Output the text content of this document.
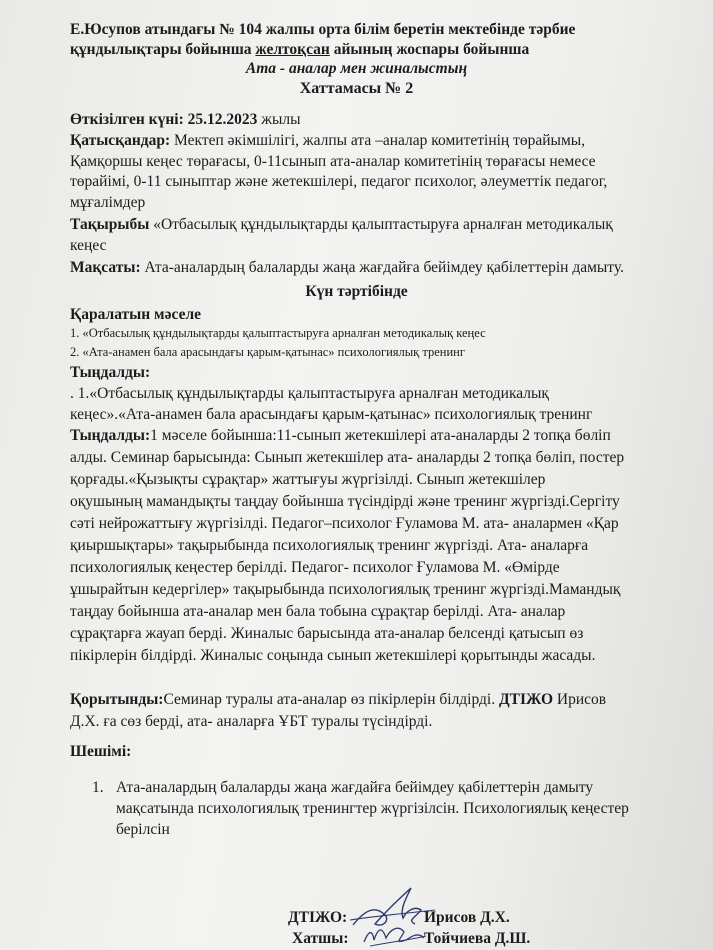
Е.Юсупов атындағы № 104 жалпы орта білім беретін мектебінде тәрбие
құндылықтары бойынша желтоқсан айының жоспары бойынша
Ата - аналар мен жиналыстың
Хаттамасы № 2
Өткізілген күні: 25.12.2023 жылы
Қатысқандар: Мектеп әкімшілігі, жалпы ата –аналар комитетінің төрайымы,
Қамқоршы кеңес төрағасы, 0-11сынып ата-аналар комитетінің төрағасы немесе
төрайімі, 0-11 сыныптар және жетекшілері, педагог психолог, әлеуметтік педагог,
мұғалімдер
Тақырыбы «Отбасылық құндылықтарды қалыптастыруға арналған методикалық
кеңес
Мақсаты: Ата-аналардың балаларды жаңа жағдайға бейімдеу қабілеттерін дамыту.
Күн тәртібінде
Қаралатын мәселе
1. «Отбасылық құндылықтарды қалыптастыруға арналған методикалық кеңес
2. «Ата-анамен бала арасындағы қарым-қатынас» психологиялық тренинг
Тыңдалды:
. 1.«Отбасылық құндылықтарды қалыптастыруға арналған методикалық
кеңес».«Ата-анамен бала арасындағы қарым-қатынас» психологиялық тренинг
Тыңдалды:1 мәселе бойынша:11-сынып жетекшілері ата-аналарды 2 топқа бөліп
алды. Семинар барысында: Сынып жетекшілер ата- аналарды 2 топқа бөліп, постер
қорғады.«Қызықты сұрақтар» жаттығуы жүргізілді. Сынып жетекшілер
оқушының мамандықты таңдау бойынша түсіндірді және тренинг жүргізді.Сергіту
сәті нейрожаттығу жүргізілді. Педагог–психолог Ғуламова М. ата- аналармен «Қар
қиыршықтары» тақырыбында психологиялық тренинг жүргізді. Ата- аналарға
психологиялық кеңестер берілді. Педагог- психолог Ғуламова М. «Өмірде
ұшырайтын кедергілер» тақырыбында психологиялық тренинг жүргізді.Мамандық
таңдау бойынша ата-аналар мен бала тобына сұрақтар берілді. Ата- аналар
сұрақтарға жауап берді. Жиналыс барысында ата-аналар белсенді қатысып өз
пікірлерін білдірді. Жиналыс соңында сынып жетекшілері қорытынды жасады.
Қорытынды:Семинар туралы ата-аналар өз пікірлерін білдірді. ДТІЖО Ирисов
Д.Х. ға сөз берді, ата- аналарға ҰБТ туралы түсіндірді.
Шешімі:
1. Ата-аналардың балаларды жаңа жағдайға бейімдеу қабілеттерін дамыту
мақсатында психологиялық тренингтер жүргізілсін. Психологиялық кеңестер
берілсін
ДТІЖО:	Ирисов Д.Х.
Хатшы:	Тойчиева Д.Ш.
